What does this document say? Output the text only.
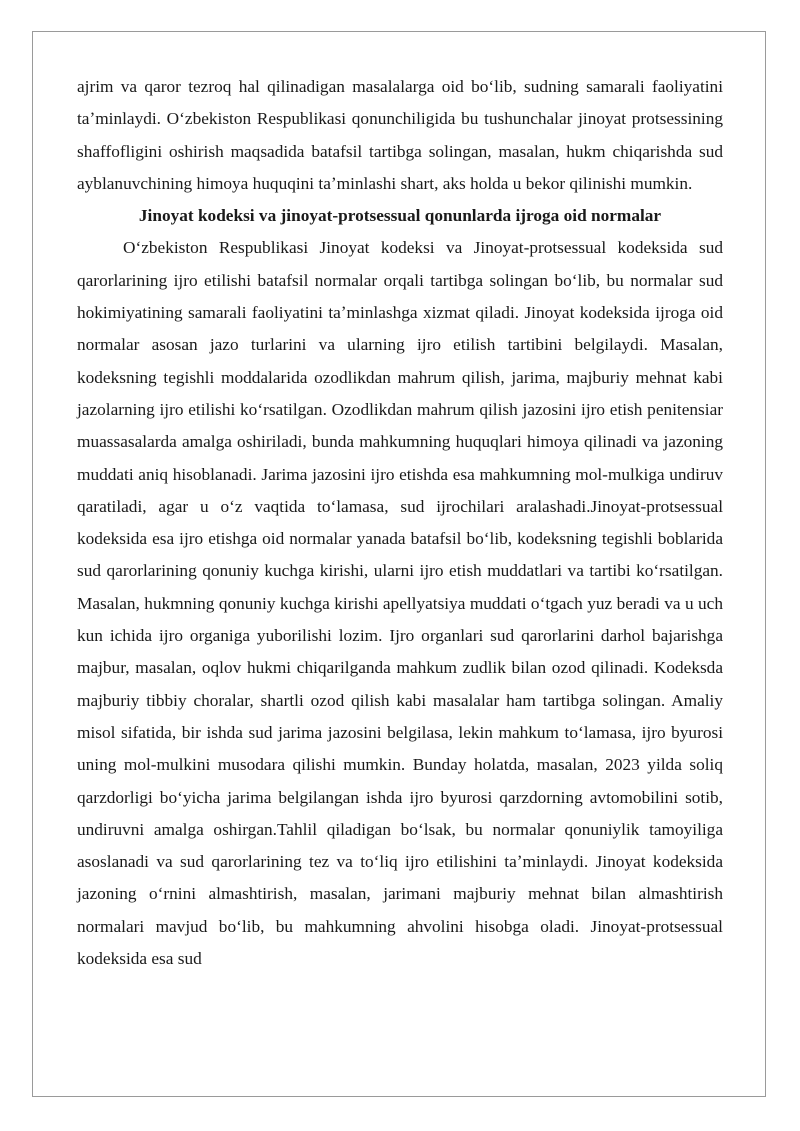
ajrim va qaror tezroq hal qilinadigan masalalarga oid boʻlib, sudning samarali faoliyatini taʼminlaydi. Oʻzbekiston Respublikasi qonunchiligida bu tushunchalar jinoyat protsessining shaffofligini oshirish maqsadida batafsil tartibga solingan, masalan, hukm chiqarishda sud ayblanuvchining himoya huquqini taʼminlashi shart, aks holda u bekor qilinishi mumkin.

Jinoyat kodeksi va jinoyat-protsessual qonunlarda ijroga oid normalar

Oʻzbekiston Respublikasi Jinoyat kodeksi va Jinoyat-protsessual kodeksida sud qarorlarining ijro etilishi batafsil normalar orqali tartibga solingan boʻlib, bu normalar sud hokimiyatining samarali faoliyatini taʼminlashga xizmat qiladi. Jinoyat kodeksida ijroga oid normalar asosan jazo turlarini va ularning ijro etilish tartibini belgilaydi. Masalan, kodeksning tegishli moddalarida ozodlikdan mahrum qilish, jarima, majburiy mehnat kabi jazolarning ijro etilishi koʻrsatilgan. Ozodlikdan mahrum qilish jazosini ijro etish penitensiar muassasalarda amalga oshiriladi, bunda mahkumning huquqlari himoya qilinadi va jazoning muddati aniq hisoblanadi. Jarima jazosini ijro etishda esa mahkumning mol-mulkiga undiruv qaratiladi, agar u oʻz vaqtida toʻlamasa, sud ijrochilari aralashadi.Jinoyat-protsessual kodeksida esa ijro etishga oid normalar yanada batafsil boʻlib, kodeksning tegishli boblarida sud qarorlarining qonuniy kuchga kirishi, ularni ijro etish muddatlari va tartibi koʻrsatilgan. Masalan, hukmning qonuniy kuchga kirishi apellyatsiya muddati oʻtgach yuz beradi va u uch kun ichida ijro organiga yuborilishi lozim. Ijro organlari sud qarorlarini darhol bajarishga majbur, masalan, oqlov hukmi chiqarilganda mahkum zudlik bilan ozod qilinadi. Kodeksda majburiy tibbiy choralar, shartli ozod qilish kabi masalalar ham tartibga solingan. Amaliy misol sifatida, bir ishda sud jarima jazosini belgilasa, lekin mahkum toʻlamasa, ijro byurosi uning mol-mulkini musodara qilishi mumkin. Bunday holatda, masalan, 2023 yilda soliq qarzdorligi boʻyicha jarima belgilangan ishda ijro byurosi qarzdorning avtomobilini sotib, undiruvni amalga oshirgan.Tahlil qiladigan boʻlsak, bu normalar qonuniylik tamoyiliga asoslanadi va sud qarorlarining tez va toʻliq ijro etilishini taʼminlaydi. Jinoyat kodeksida jazoning oʻrnini almashtirish, masalan, jarimani majburiy mehnat bilan almashtirish normalari mavjud boʻlib, bu mahkumning ahvolini hisobga oladi. Jinoyat-protsessual kodeksida esa sud
